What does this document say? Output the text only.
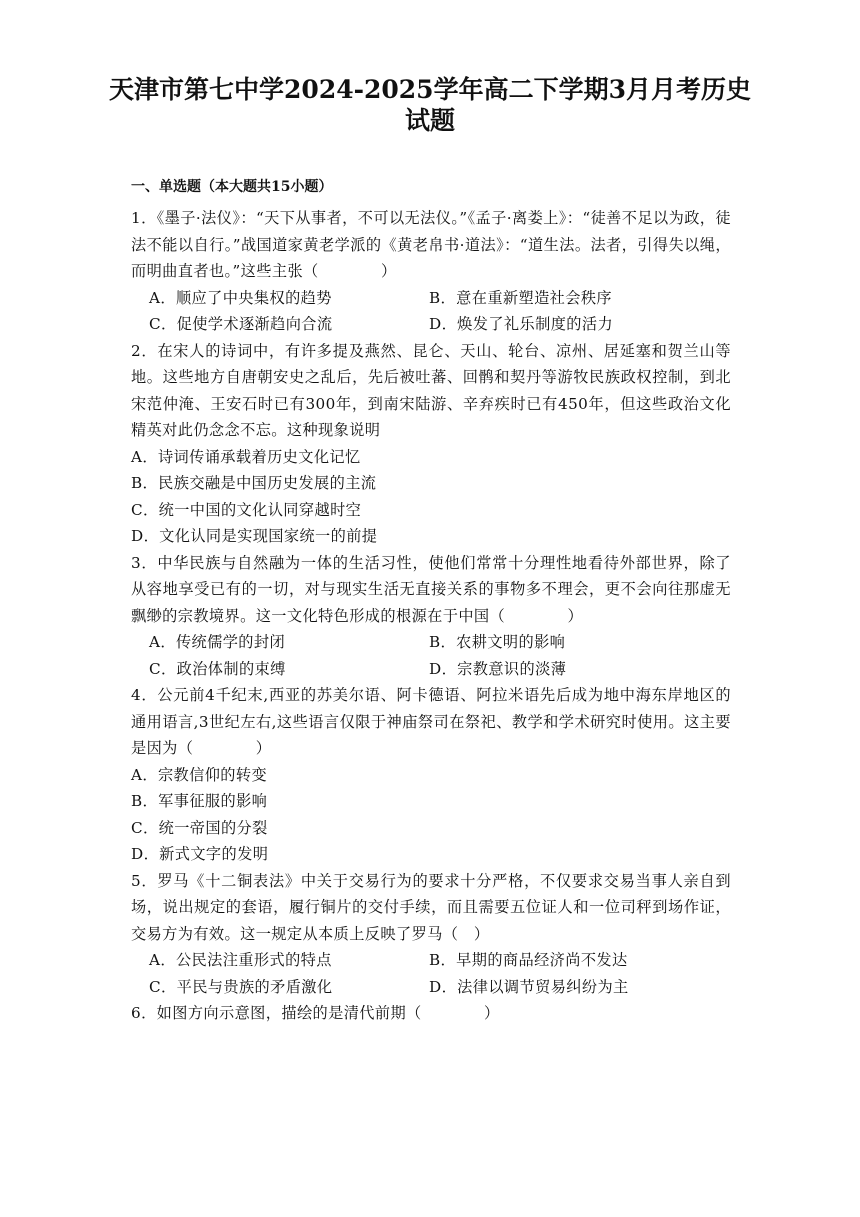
天津市第七中学2024-2025学年高二下学期3月月考历史试题

一、单选题（本大题共15小题）

1．《墨子·法仪》：“天下从事者，不可以无法仪。”《孟子·离娄上》：“徒善不足以为政，徒法不能以自行。”战国道家黄老学派的《黄老帛书·道法》：“道生法。法者，引得失以绳，而明曲直者也。”这些主张（　　　　）

A．顺应了中央集权的趋势	B．意在重新塑造社会秩序
C．促使学术逐渐趋向合流	D．焕发了礼乐制度的活力

2．在宋人的诗词中，有许多提及燕然、昆仑、天山、轮台、凉州、居延塞和贺兰山等地。这些地方自唐朝安史之乱后，先后被吐蕃、回鹘和契丹等游牧民族政权控制，到北宋范仲淹、王安石时已有300年，到南宋陆游、辛弃疾时已有450年，但这些政治文化精英对此仍念念不忘。这种现象说明

A．诗词传诵承载着历史文化记忆

B．民族交融是中国历史发展的主流

C．统一中国的文化认同穿越时空

D．文化认同是实现国家统一的前提

3．中华民族与自然融为一体的生活习性，使他们常常十分理性地看待外部世界，除了从容地享受已有的一切，对与现实生活无直接关系的事物多不理会，更不会向往那虚无飘缈的宗教境界。这一文化特色形成的根源在于中国（　　　　）

A．传统儒学的封闭	B．农耕文明的影响
C．政治体制的束缚	D．宗教意识的淡薄

4．公元前4千纪末,西亚的苏美尔语、阿卡德语、阿拉米语先后成为地中海东岸地区的通用语言,3世纪左右,这些语言仅限于神庙祭司在祭祀、教学和学术研究时使用。这主要是因为（　　　　）

A．宗教信仰的转变

B．军事征服的影响

C．统一帝国的分裂

D．新式文字的发明

5．罗马《十二铜表法》中关于交易行为的要求十分严格，不仅要求交易当事人亲自到场，说出规定的套语，履行铜片的交付手续，而且需要五位证人和一位司秤到场作证，交易方为有效。这一规定从本质上反映了罗马（　）

A．公民法注重形式的特点	B．早期的商品经济尚不发达
C．平民与贵族的矛盾激化	D．法律以调节贸易纠纷为主

6．如图方向示意图，描绘的是清代前期（　　　　）
